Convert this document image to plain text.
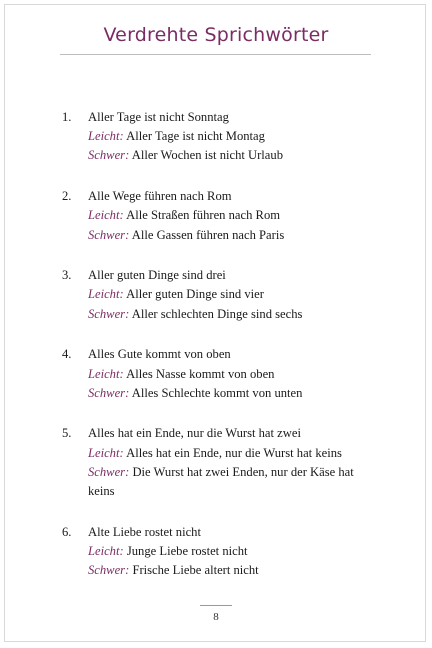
Verdrehte Sprichwörter
1.	Aller Tage ist nicht Sonntag
Leicht: Aller Tage ist nicht Montag
Schwer: Aller Wochen ist nicht Urlaub
2.	Alle Wege führen nach Rom
Leicht: Alle Straßen führen nach Rom
Schwer: Alle Gassen führen nach Paris
3.	Aller guten Dinge sind drei
Leicht: Aller guten Dinge sind vier
Schwer: Aller schlechten Dinge sind sechs
4.	Alles Gute kommt von oben
Leicht: Alles Nasse kommt von oben
Schwer: Alles Schlechte kommt von unten
5.	Alles hat ein Ende, nur die Wurst hat zwei
Leicht: Alles hat ein Ende, nur die Wurst hat keins
Schwer: Die Wurst hat zwei Enden, nur der Käse hat keins
6.	Alte Liebe rostet nicht
Leicht: Junge Liebe rostet nicht
Schwer: Frische Liebe altert nicht
8
